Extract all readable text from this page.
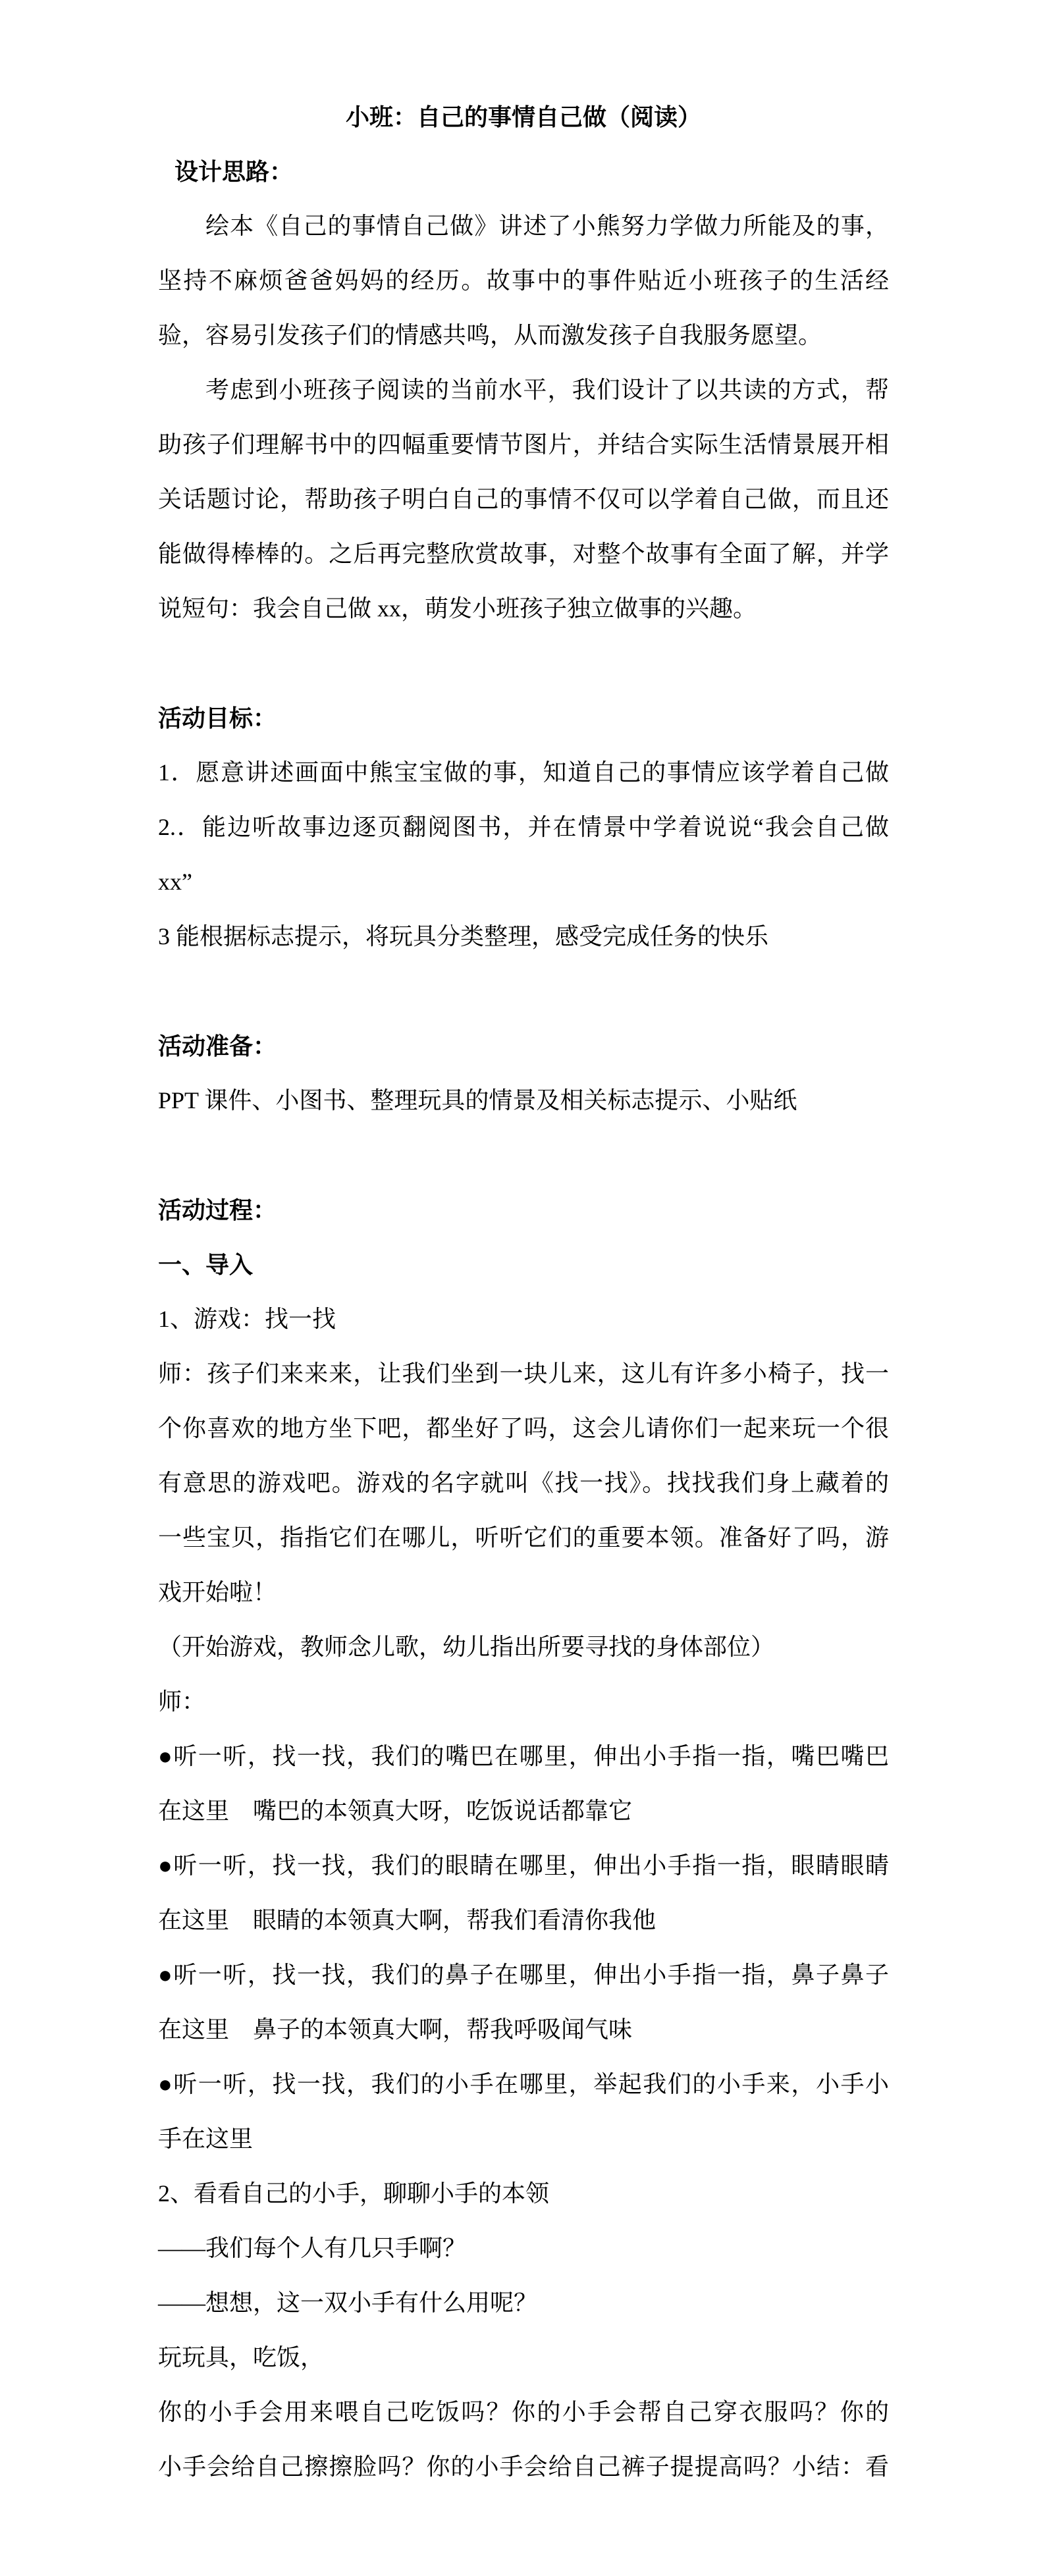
小班：自己的事情自己做（阅读）
设计思路：
绘本《自己的事情自己做》讲述了小熊努力学做力所能及的事，
坚持不麻烦爸爸妈妈的经历。故事中的事件贴近小班孩子的生活经
验，容易引发孩子们的情感共鸣，从而激发孩子自我服务愿望。
考虑到小班孩子阅读的当前水平，我们设计了以共读的方式，帮
助孩子们理解书中的四幅重要情节图片，并结合实际生活情景展开相
关话题讨论，帮助孩子明白自己的事情不仅可以学着自己做，而且还
能做得棒棒的。之后再完整欣赏故事，对整个故事有全面了解，并学
说短句：我会自己做 xx，萌发小班孩子独立做事的兴趣。
活动目标：
1．愿意讲述画面中熊宝宝做的事，知道自己的事情应该学着自己做
2.．能边听故事边逐页翻阅图书，并在情景中学着说说“我会自己做
xx”
3 能根据标志提示，将玩具分类整理，感受完成任务的快乐
活动准备：
PPT 课件、小图书、整理玩具的情景及相关标志提示、小贴纸
活动过程：
一、导入
1、游戏：找一找
师：孩子们来来来，让我们坐到一块儿来，这儿有许多小椅子，找一
个你喜欢的地方坐下吧，都坐好了吗，这会儿请你们一起来玩一个很
有意思的游戏吧。游戏的名字就叫《找一找》。找找我们身上藏着的
一些宝贝，指指它们在哪儿，听听它们的重要本领。准备好了吗，游
戏开始啦！
（开始游戏，教师念儿歌，幼儿指出所要寻找的身体部位）
师：
●听一听，找一找，我们的嘴巴在哪里，伸出小手指一指，嘴巴嘴巴
在这里　嘴巴的本领真大呀，吃饭说话都靠它
●听一听，找一找，我们的眼睛在哪里，伸出小手指一指，眼睛眼睛
在这里　眼睛的本领真大啊，帮我们看清你我他
●听一听，找一找，我们的鼻子在哪里，伸出小手指一指，鼻子鼻子
在这里　鼻子的本领真大啊，帮我呼吸闻气味
●听一听，找一找，我们的小手在哪里，举起我们的小手来，小手小
手在这里
2、看看自己的小手，聊聊小手的本领
——我们每个人有几只手啊？
——想想，这一双小手有什么用呢？
玩玩具，吃饭，
你的小手会用来喂自己吃饭吗？你的小手会帮自己穿衣服吗？你的
小手会给自己擦擦脸吗？你的小手会给自己裤子提提高吗？小结：看
